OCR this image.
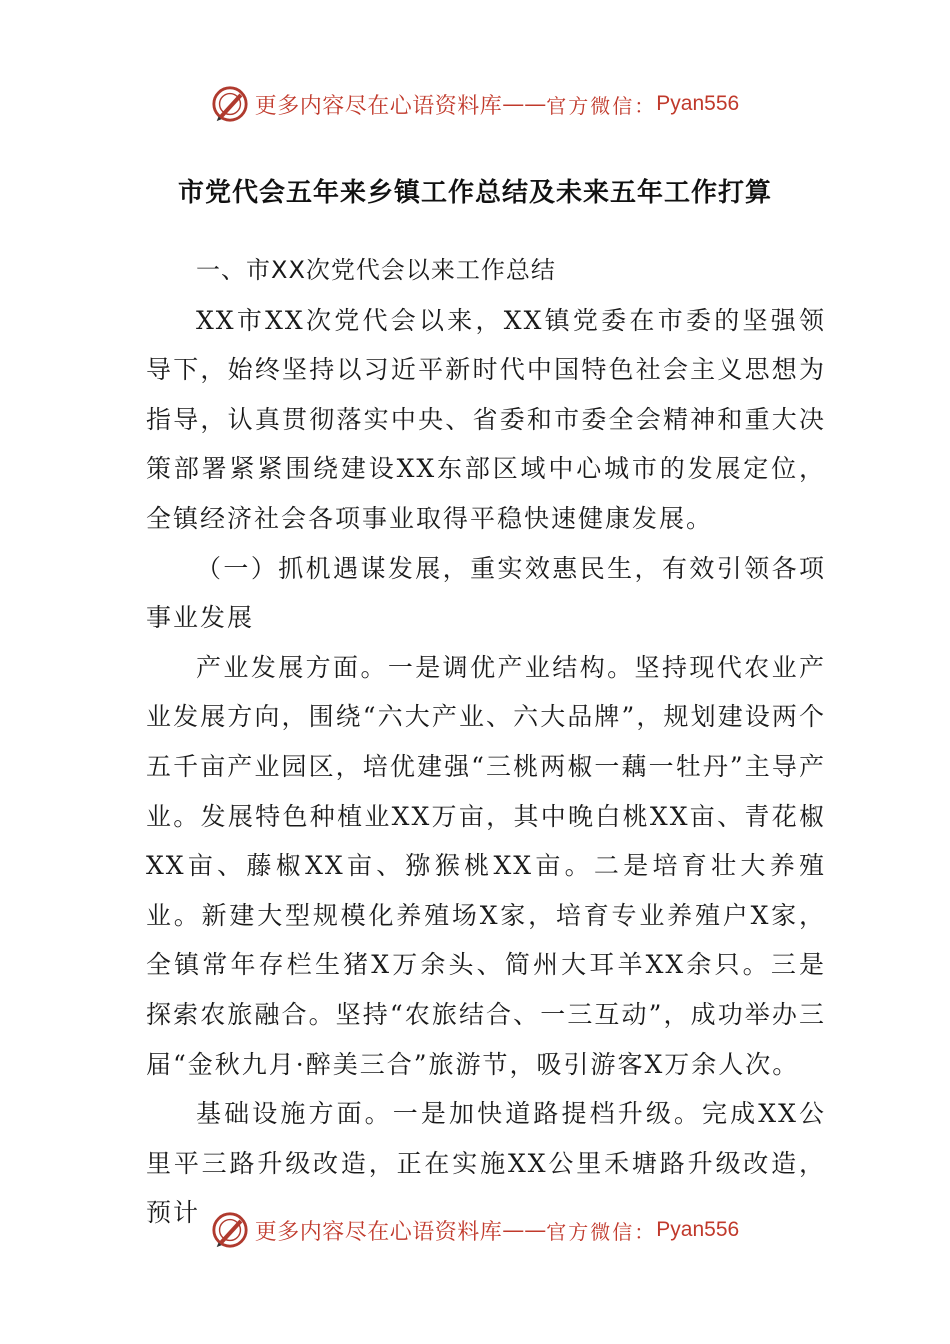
更多内容尽在心语资料库 —— 官方微信： Pyan556
市党代会五年来乡镇工作总结及未来五年工作打算

一、市XX次党代会以来工作总结

XX市XX次党代会以来，XX镇党委在市委的坚强领导下，始终坚持以习近平新时代中国特色社会主义思想为指导，认真贯彻落实中央、省委和市委全会精神和重大决策部署紧紧围绕建设XX东部区域中心城市的发展定位，全镇经济社会各项事业取得平稳快速健康发展。

（一）抓机遇谋发展，重实效惠民生，有效引领各项事业发展

产业发展方面。一是调优产业结构。坚持现代农业产业发展方向，围绕“六大产业、六大品牌”，规划建设两个五千亩产业园区，培优建强“三桃两椒一藕一牡丹”主导产业。发展特色种植业XX万亩，其中晚白桃XX亩、青花椒XX亩、藤椒XX亩、猕猴桃XX亩。二是培育壮大养殖业。新建大型规模化养殖场X家，培育专业养殖户X家，全镇常年存栏生猪X万余头、简州大耳羊XX余只。三是探索农旅融合。坚持“农旅结合、一三互动”，成功举办三届“金秋九月·醉美三合”旅游节，吸引游客X万余人次。

基础设施方面。一是加快道路提档升级。完成XX公里平三路升级改造，正在实施XX公里禾塘路升级改造，预计

更多内容尽在心语资料库 —— 官方微信： Pyan556
